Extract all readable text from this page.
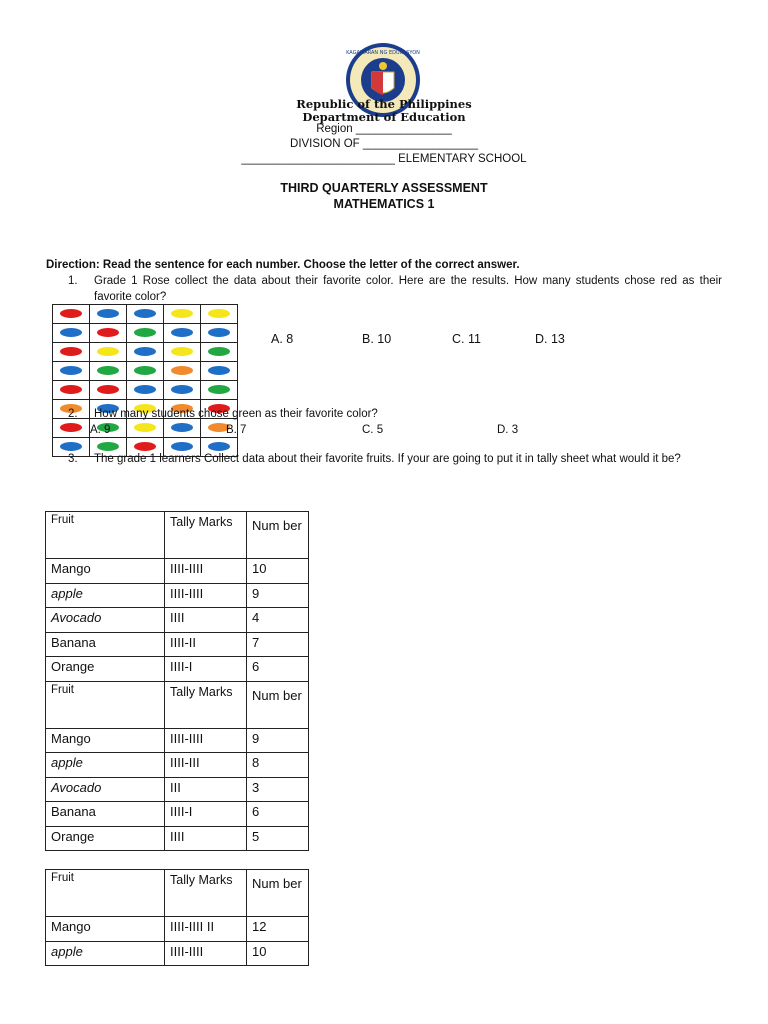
KAGAWARAN NG EDUKASYON
Republic of the Philippines
Department of Education
Region _______________
DIVISION OF __________________
________________________ ELEMENTARY SCHOOL
THIRD QUARTERLY ASSESSMENT
MATHEMATICS 1
Direction: Read the sentence for each number. Choose the letter of the correct answer.
1. Grade 1 Rose collect the data about their favorite color. Here are the results. How many students chose red as their favorite color?

A. 8	B. 10	C. 11	D. 13
2. How many students chose green as their favorite color?
A. 9	B. 7	C. 5	D. 3
3. The grade 1 learners Collect data about their favorite fruits. If your are going to put it in tally sheet what would it be?
Fruit	Tally Marks	Num ber
Mango	IIII-IIII	10
apple	IIII-IIII	9
Avocado	IIII	4
Banana	IIII-II	7
Orange	IIII-I	6
Fruit	Tally Marks	Num ber
Mango	IIII-IIII	9
apple	IIII-III	8
Avocado	III	3
Banana	IIII-I	6
Orange	IIII	5
Fruit	Tally Marks	Num ber
Mango	IIII-IIII II	12
apple	IIII-IIII	10
